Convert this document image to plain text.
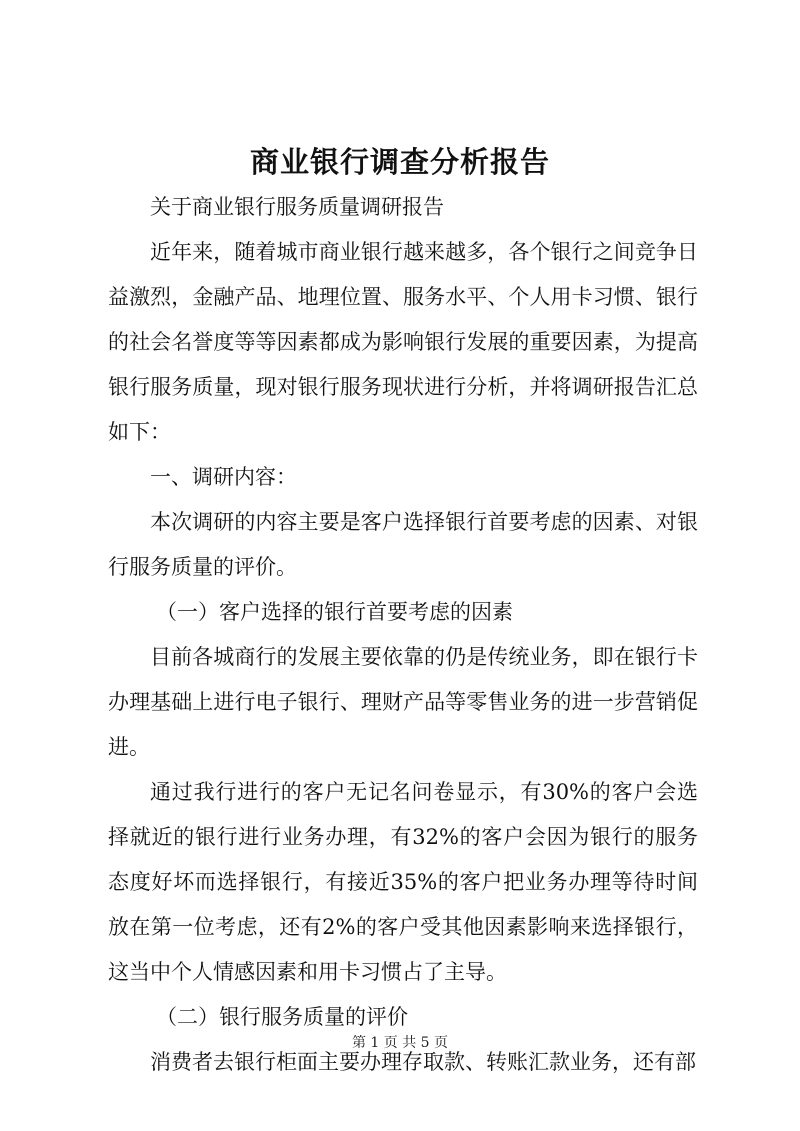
商业银行调查分析报告

关于商业银行服务质量调研报告

近年来，随着城市商业银行越来越多，各个银行之间竞争日益激烈，金融产品、地理位置、服务水平、个人用卡习惯、银行的社会名誉度等等因素都成为影响银行发展的重要因素，为提高银行服务质量，现对银行服务现状进行分析，并将调研报告汇总如下：

一、调研内容：

本次调研的内容主要是客户选择银行首要考虑的因素、对银行服务质量的评价。

（一）客户选择的银行首要考虑的因素

目前各城商行的发展主要依靠的仍是传统业务，即在银行卡办理基础上进行电子银行、理财产品等零售业务的进一步营销促进。

通过我行进行的客户无记名问卷显示，有30%的客户会选择就近的银行进行业务办理，有32%的客户会因为银行的服务态度好坏而选择银行，有接近35%的客户把业务办理等待时间放在第一位考虑，还有2%的客户受其他因素影响来选择银行，这当中个人情感因素和用卡习惯占了主导。

（二）银行服务质量的评价

消费者去银行柜面主要办理存取款、转账汇款业务，还有部

第 1 页 共 5 页
